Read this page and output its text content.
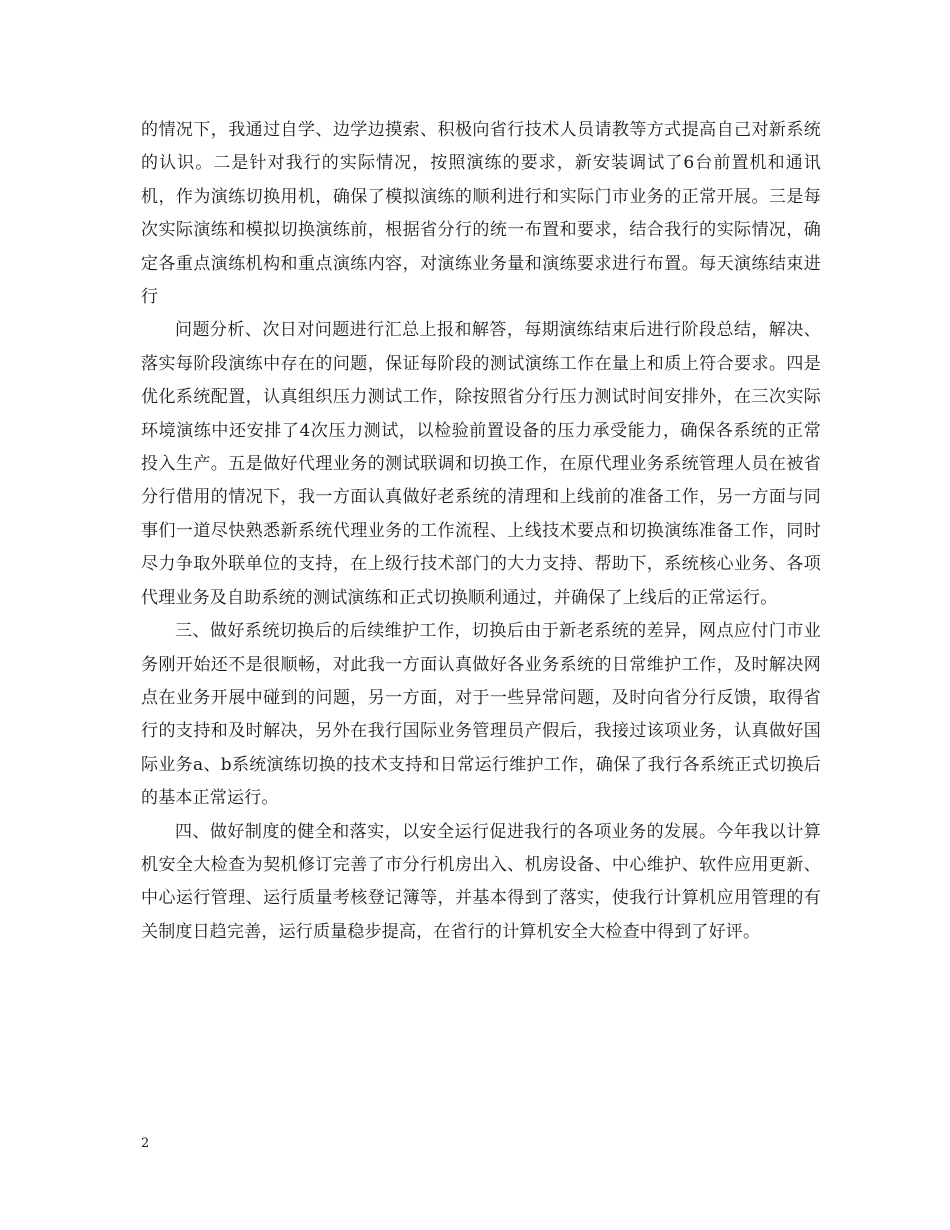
的情况下，我通过自学、边学边摸索、积极向省行技术人员请教等方式提高自己对新系统的认识。二是针对我行的实际情况，按照演练的要求，新安装调试了6台前置机和通讯机，作为演练切换用机，确保了模拟演练的顺利进行和实际门市业务的正常开展。三是每次实际演练和模拟切换演练前，根据省分行的统一布置和要求，结合我行的实际情况，确定各重点演练机构和重点演练内容，对演练业务量和演练要求进行布置。每天演练结束进行

问题分析、次日对问题进行汇总上报和解答，每期演练结束后进行阶段总结，解决、落实每阶段演练中存在的问题，保证每阶段的测试演练工作在量上和质上符合要求。四是优化系统配置，认真组织压力测试工作，除按照省分行压力测试时间安排外，在三次实际环境演练中还安排了4次压力测试，以检验前置设备的压力承受能力，确保各系统的正常投入生产。五是做好代理业务的测试联调和切换工作，在原代理业务系统管理人员在被省分行借用的情况下，我一方面认真做好老系统的清理和上线前的准备工作，另一方面与同事们一道尽快熟悉新系统代理业务的工作流程、上线技术要点和切换演练准备工作，同时尽力争取外联单位的支持，在上级行技术部门的大力支持、帮助下，系统核心业务、各项代理业务及自助系统的测试演练和正式切换顺利通过，并确保了上线后的正常运行。

三、做好系统切换后的后续维护工作，切换后由于新老系统的差异，网点应付门市业务刚开始还不是很顺畅，对此我一方面认真做好各业务系统的日常维护工作，及时解决网点在业务开展中碰到的问题，另一方面，对于一些异常问题，及时向省分行反馈，取得省行的支持和及时解决，另外在我行国际业务管理员产假后，我接过该项业务，认真做好国际业务a、b系统演练切换的技术支持和日常运行维护工作，确保了我行各系统正式切换后的基本正常运行。

四、做好制度的健全和落实，以安全运行促进我行的各项业务的发展。今年我以计算机安全大检查为契机修订完善了市分行机房出入、机房设备、中心维护、软件应用更新、中心运行管理、运行质量考核登记簿等，并基本得到了落实，使我行计算机应用管理的有关制度日趋完善，运行质量稳步提高，在省行的计算机安全大检查中得到了好评。

2
